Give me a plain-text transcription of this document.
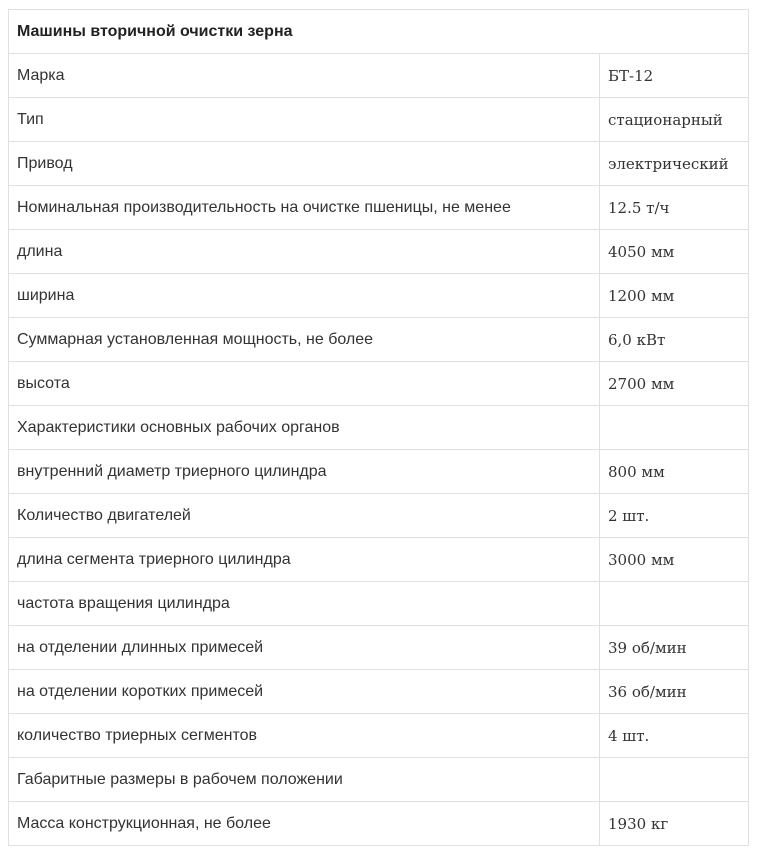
Машины вторичной очистки зерна	
Марка	БТ-12
Тип	стационарный
Привод	электрический
Номинальная производительность на очистке пшеницы, не менее	12.5 т/ч
длина	4050 мм
ширина	1200 мм
Суммарная установленная мощность, не более	6,0 кВт
высота	2700 мм
Характеристики основных рабочих органов	
внутренний диаметр триерного цилиндра	800 мм
Количество двигателей	2 шт.
длина сегмента триерного цилиндра	3000 мм
частота вращения цилиндра	
на отделении длинных примесей	39 об/мин
на отделении коротких примесей	36 об/мин
количество триерных сегментов	4 шт.
Габаритные размеры в рабочем положении	
Масса конструкционная, не более	1930 кг
